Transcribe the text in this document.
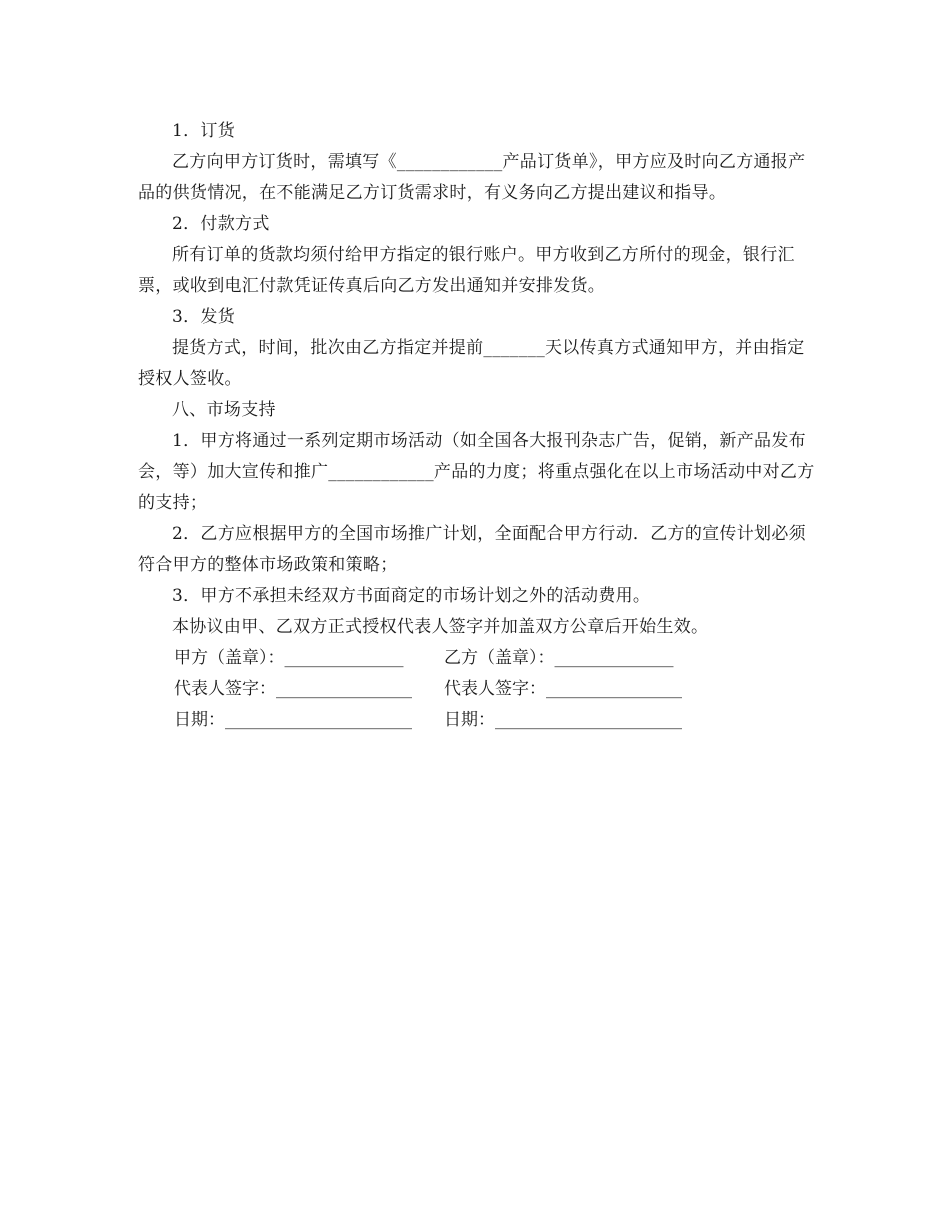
1．订货

乙方向甲方订货时，需填写《____________产品订货单》，甲方应及时向乙方通报产品的供货情况，在不能满足乙方订货需求时，有义务向乙方提出建议和指导。

2．付款方式

所有订单的货款均须付给甲方指定的银行账户。甲方收到乙方所付的现金，银行汇票，或收到电汇付款凭证传真后向乙方发出通知并安排发货。

3．发货

提货方式，时间，批次由乙方指定并提前_______天以传真方式通知甲方，并由指定授权人签收。

八、市场支持

1．甲方将通过一系列定期市场活动（如全国各大报刊杂志广告，促销，新产品发布会，等）加大宣传和推广____________产品的力度；将重点强化在以上市场活动中对乙方的支持；

2．乙方应根据甲方的全国市场推广计划，全面配合甲方行动．乙方的宣传计划必须符合甲方的整体市场政策和策略；

3．甲方不承担未经双方书面商定的市场计划之外的活动费用。

本协议由甲、乙双方正式授权代表人签字并加盖双方公章后开始生效。

甲方（盖章）：______________	乙方（盖章）：______________
代表人签字：________________	代表人签字：________________
日期：______________________	日期：______________________
